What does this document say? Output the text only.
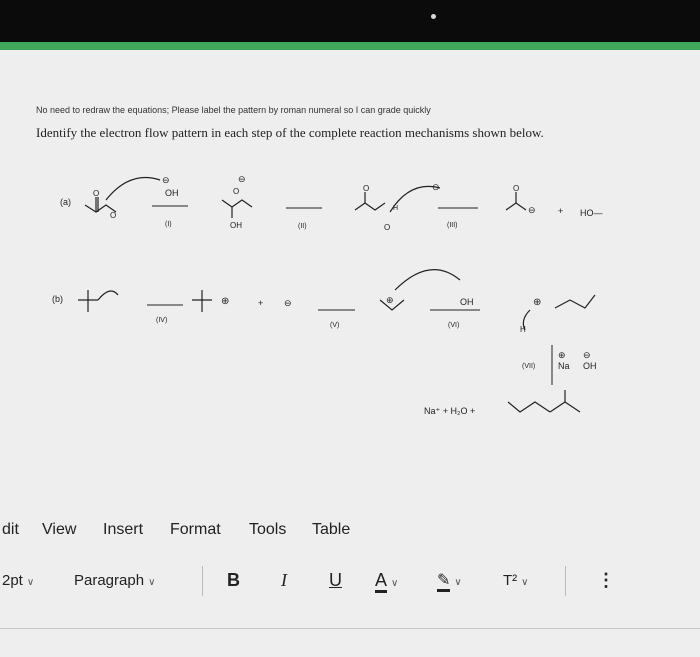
No need to redraw the equations; Please label the pattern by roman numeral so I can grade quickly
Identify the electron flow pattern in each step of the complete reaction mechanisms shown below.
(a)
O
O
⊖
OH
(I)
O
⊖
OH	(II)
O
H
O
⊖
(III)
O
⊖ + HO—
(b)
(IV)
⊕	+ ⊖
(V)
⊕	OH
(VI)
⊕
H
(VII)
⊕
Na
⊖
OH
Na⁺ + H₂O +
dit View Insert Format Tools Table
2pt ∨	Paragraph ∨	B I U A ∨ ✎ ∨	T² ∨	⋮
